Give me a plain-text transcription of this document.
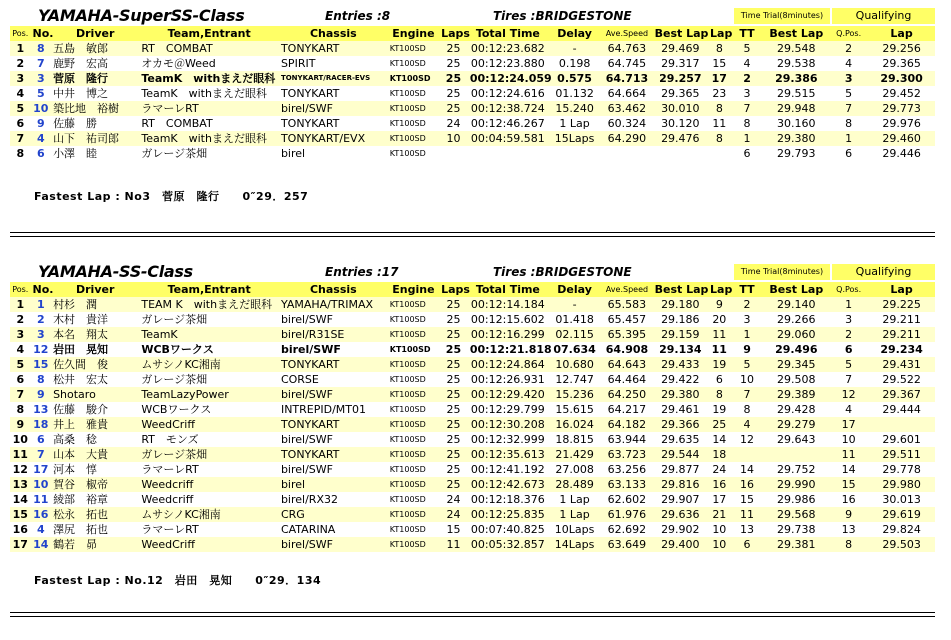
YAMAHA-SuperSS-Class	Entries :8	Tires :BRIDGESTONE	Time Trial(8minutes)	Qualifying
Pos.	No.	Driver	Team,Entrant	Chassis	Engine	Laps	Total Time	Delay	Ave.Speed	Best Lap	Lap	TT	Best Lap	Q.Pos.	Lap
1	8	五島　敏郎	RT　COMBAT	TONYKART	KT100SD	25	00:12:23.682	-	64.763	29.469	8	5	29.548	2	29.256
2	7	鹿野　宏高	オカモ＠Weed	SPIRIT	KT100SD	25	00:12:23.880	0.198	64.745	29.317	15	4	29.538	4	29.365
3	3	菅原　隆行	TeamK　withまえだ眼科	TONYKART/RACER-EVS	KT100SD	25	00:12:24.059	0.575	64.713	29.257	17	2	29.386	3	29.300
4	5	中井　博之	TeamK　withまえだ眼科	TONYKART	KT100SD	25	00:12:24.616	01.132	64.664	29.365	23	3	29.515	5	29.452
5	10	築比地　裕樹	ラマーレRT	birel/SWF	KT100SD	25	00:12:38.724	15.240	63.462	30.010	8	7	29.948	7	29.773
6	9	佐藤　勝	RT　COMBAT	TONYKART	KT100SD	24	00:12:46.267	1 Lap	60.324	30.120	11	8	30.160	8	29.976
7	4	山下　祐司郎	TeamK　withまえだ眼科	TONYKART/EVX	KT100SD	10	00:04:59.581	15Laps	64.290	29.476	8	1	29.380	1	29.460
8	6	小澤　睦	ガレージ茶畑	birel	KT100SD							6	29.793	6	29.446
Fastest Lap : No3　菅原　隆行　　0″29．257
YAMAHA-SS-Class	Entries :17	Tires :BRIDGESTONE	Time Trial(8minutes)	Qualifying
Pos.	No.	Driver	Team,Entrant	Chassis	Engine	Laps	Total Time	Delay	Ave.Speed	Best Lap	Lap	TT	Best Lap	Q.Pos.	Lap
1	1	村杉　潤	TEAM K　withまえだ眼科	YAMAHA/TRIMAX	KT100SD	25	00:12:14.184	-	65.583	29.180	9	2	29.140	1	29.225
2	2	木村　貴洋	ガレージ茶畑	birel/SWF	KT100SD	25	00:12:15.602	01.418	65.457	29.186	20	3	29.266	3	29.211
3	3	本名　翔太	TeamK	birel/R31SE	KT100SD	25	00:12:16.299	02.115	65.395	29.159	11	1	29.060	2	29.211
4	12	岩田　晃知	WCBワークス	birel/SWF	KT100SD	25	00:12:21.818	07.634	64.908	29.134	11	9	29.496	6	29.234
5	15	佐久間　俊	ムサシノKC湘南	TONYKART	KT100SD	25	00:12:24.864	10.680	64.643	29.433	19	5	29.345	5	29.431
6	8	松井　宏太	ガレージ茶畑	CORSE	KT100SD	25	00:12:26.931	12.747	64.464	29.422	6	10	29.508	7	29.522
7	9	Shotaro	TeamLazyPower	birel/SWF	KT100SD	25	00:12:29.420	15.236	64.250	29.380	8	7	29.389	12	29.367
8	13	佐藤　駿介	WCBワークス	INTREPID/MT01	KT100SD	25	00:12:29.799	15.615	64.217	29.461	19	8	29.428	4	29.444
9	18	井上　雅貴	WeedCriff	TONYKART	KT100SD	25	00:12:30.208	16.024	64.182	29.366	25	4	29.279	17	
10	6	高桑　稔	RT　モンズ	birel/SWF	KT100SD	25	00:12:32.999	18.815	63.944	29.635	14	12	29.643	10	29.601
11	7	山本　大貴	ガレージ茶畑	TONYKART	KT100SD	25	00:12:35.613	21.429	63.723	29.544	18			11	29.511
12	17	河本　惇	ラマーレRT	birel/SWF	KT100SD	25	00:12:41.192	27.008	63.256	29.877	24	14	29.752	14	29.778
13	10	賀谷　椒帝	Weedcriff	birel	KT100SD	25	00:12:42.673	28.489	63.133	29.816	16	16	29.990	15	29.980
14	11	綾部　裕章	Weedcriff	birel/RX32	KT100SD	24	00:12:18.376	1 Lap	62.602	29.907	17	15	29.986	16	30.013
15	16	松永　拓也	ムサシノKC湘南	CRG	KT100SD	24	00:12:25.835	1 Lap	61.976	29.636	21	11	29.568	9	29.619
16	4	澤尻　拓也	ラマーレRT	CATARINA	KT100SD	15	00:07:40.825	10Laps	62.692	29.902	10	13	29.738	13	29.824
17	14	鶴若　昴	WeedCriff	birel/SWF	KT100SD	11	00:05:32.857	14Laps	63.649	29.400	10	6	29.381	8	29.503
Fastest Lap : No.12　岩田　晃知　　0″29．134
